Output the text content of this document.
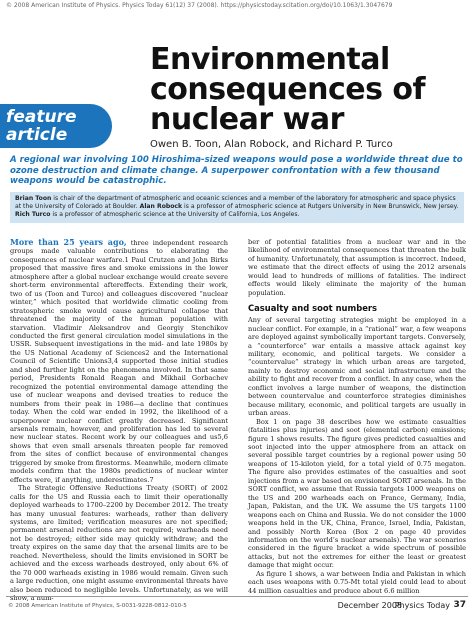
© 2008 American Institute of Physics. Physics Today 61(12) 37 (2008). https://physicstoday.scitation.org/doi/10.1063/1.3047679
feature
article
Environmental
consequences of
nuclear war
Owen B. Toon, Alan Robock, and Richard P. Turco
A regional war involving 100 Hiroshima-sized weapons would pose a worldwide threat due to ozone destruction and climate change. A superpower confrontation with a few thousand weapons would be catastrophic.
Brian Toon is chair of the department of atmospheric and oceanic sciences and a member of the laboratory for atmospheric and space physics at the University of Colorado at Boulder. Alan Robock is a professor of atmospheric science at Rutgers University in New Brunswick, New Jersey. Rich Turco is a professor of atmospheric science at the University of California, Los Angeles.

More than 25 years ago, three independent research groups made valuable contributions to elaborating the consequences of nuclear warfare.1 Paul Crutzen and John Birks proposed that massive fires and smoke emissions in the lower atmosphere after a global nuclear exchange would create severe short-term environmental aftereffects. Extending their work, two of us (Toon and Turco) and colleagues discovered “nuclear winter,” which posited that worldwide climatic cooling from stratospheric smoke would cause agricultural collapse that threatened the majority of the human population with starvation. Vladimir Aleksandrov and Georgiy Stenchikov conducted the first general circulation model simulations in the USSR. Subsequent investigations in the mid- and late 1980s by the US National Academy of Sciences2 and the International Council of Scientific Unions3,4 supported those initial studies and shed further light on the phenomena involved. In that same period, Presidents Ronald Reagan and Mikhail Gorbachev recognized the potential environmental damage attending the use of nuclear weapons and devised treaties to reduce the numbers from their peak in 1986—a decline that continues today. When the cold war ended in 1992, the likelihood of a superpower nuclear conflict greatly decreased. Significant arsenals remain, however, and proliferation has led to several new nuclear states. Recent work by our colleagues and us5,6 shows that even small arsenals threaten people far removed from the sites of conflict because of environmental changes triggered by smoke from firestorms. Meanwhile, modern climate models confirm that the 1980s predictions of nuclear winter effects were, if anything, underestimates.7

The Strategic Offensive Reductions Treaty (SORT) of 2002 calls for the US and Russia each to limit their operationally deployed warheads to 1700–2200 by December 2012. The treaty has many unusual features: warheads, rather than delivery systems, are limited; verification measures are not specified; permanent arsenal reductions are not required; warheads need not be destroyed; either side may quickly withdraw; and the treaty expires on the same day that the arsenal limits are to be reached. Nevertheless, should the limits envisioned in SORT be achieved and the excess warheads destroyed, only about 6% of the 70 000 warheads existing in 1986 would remain. Given such a large reduction, one might assume environmental threats have also been reduced to negligible levels. Unfortunately, as we will show, a num-

ber of potential fatalities from a nuclear war and in the likelihood of environmental consequences that threaten the bulk of humanity. Unfortunately, that assumption is incorrect. Indeed, we estimate that the direct effects of using the 2012 arsenals would lead to hundreds of millions of fatalities. The indirect effects would likely eliminate the majority of the human population.

Casualty and soot numbers

Any of several targeting strategies might be employed in a nuclear conflict. For example, in a “rational” war, a few weapons are deployed against symbolically important targets. Conversely, a “counterforce” war entails a massive attack against key military, economic, and political targets. We consider a “countervalue” strategy in which urban areas are targeted, mainly to destroy economic and social infrastructure and the ability to fight and recover from a conflict. In any case, when the conflict involves a large number of weapons, the distinction between countervalue and counterforce strategies diminishes because military, economic, and political targets are usually in urban areas.

Box 1 on page 38 describes how we estimate casualties (fatalities plus injuries) and soot (elemental carbon) emissions; figure 1 shows results. The figure gives predicted casualties and soot injected into the upper atmosphere from an attack on several possible target countries by a regional power using 50 weapons of 15-kiloton yield, for a total yield of 0.75 megaton. The figure also provides estimates of the casualties and soot injections from a war based on envisioned SORT arsenals. In the SORT conflict, we assume that Russia targets 1000 weapons on the US and 200 warheads each on France, Germany, India, Japan, Pakistan, and the UK. We assume the US targets 1100 weapons each on China and Russia. We do not consider the 1000 weapons held in the UK, China, France, Israel, India, Pakistan, and possibly North Korea (Box 2 on page 40 provides information on the world’s nuclear arsenals). The war scenarios considered in the figure bracket a wide spectrum of possible attacks, but not the extremes for either the least or greatest damage that might occur.

As figure 1 shows, a war between India and Pakistan in which each uses weapons with 0.75-Mt total yield could lead to about 44 million casualties and produce about 6.6 million

© 2008 American Institute of Physics, S-0031-9228-0812-010-5	December 2008
Physics Today 37
